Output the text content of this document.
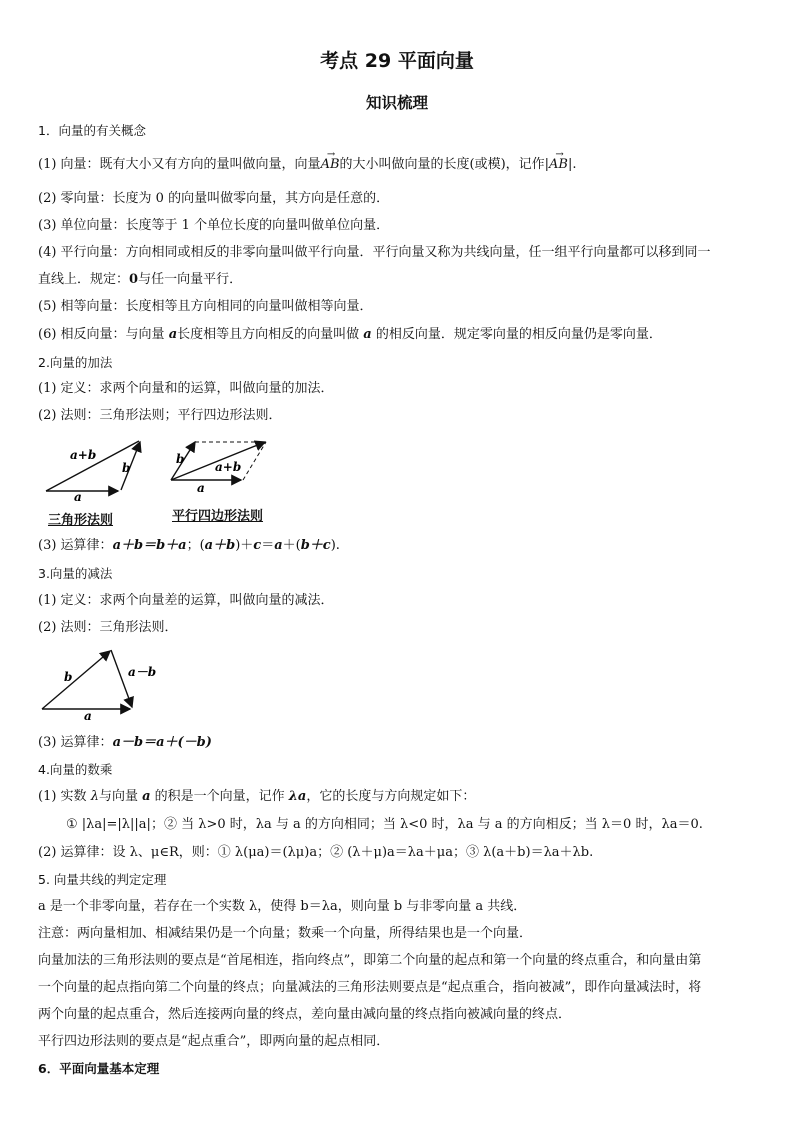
考点 29 平面向量
知识梳理
1．向量的有关概念
(1) 向量：既有大小又有方向的量叫做向量，向量→ AB的大小叫做向量的长度(或模)，记作|→ AB|.
(2) 零向量：长度为 0 的向量叫做零向量，其方向是任意的．
(3) 单位向量：长度等于 1 个单位长度的向量叫做单位向量．
(4) 平行向量：方向相同或相反的非零向量叫做平行向量．平行向量又称为共线向量，任一组平行向量都可以移到同一
直线上．规定：0与任一向量平行．
(5) 相等向量：长度相等且方向相同的向量叫做相等向量．
(6) 相反向量：与向量 a长度相等且方向相反的向量叫做 a 的相反向量．规定零向量的相反向量仍是零向量．
2.向量的加法
(1) 定义：求两个向量和的运算，叫做向量的加法．
(2) 法则：三角形法则；平行四边形法则．
a+b
b
a
三角形法则
b
a+b
a
平行四边形法则
(3) 运算律：a＋b＝b＋a；(a＋b)＋c＝a＋(b＋c).
3.向量的减法
(1) 定义：求两个向量差的运算，叫做向量的减法．
(2) 法则：三角形法则．
b	a－b
a
(3) 运算律：a－b＝a＋(－b)
4.向量的数乘
(1) 实数 λ与向量 a 的积是一个向量，记作 λa，它的长度与方向规定如下：
① |λa|=|λ||a|；② 当 λ>0 时，λa 与 a 的方向相同；当 λ<0 时，λa 与 a 的方向相反；当 λ＝0 时，λa＝0.
(2) 运算律：设 λ、μ∈R，则：① λ(μa)＝(λμ)a；② (λ＋μ)a＝λa＋μa；③ λ(a＋b)＝λa＋λb.
5. 向量共线的判定定理
a 是一个非零向量，若存在一个实数 λ，使得 b＝λa，则向量 b 与非零向量 a 共线．
注意：两向量相加、相减结果仍是一个向量；数乘一个向量，所得结果也是一个向量．
向量加法的三角形法则的要点是“首尾相连，指向终点”，即第二个向量的起点和第一个向量的终点重合，和向量由第
一个向量的起点指向第二个向量的终点；向量减法的三角形法则要点是“起点重合，指向被减”，即作向量减法时，将
两个向量的起点重合，然后连接两向量的终点，差向量由减向量的终点指向被减向量的终点．
平行四边形法则的要点是“起点重合”，即两向量的起点相同．
6．平面向量基本定理
